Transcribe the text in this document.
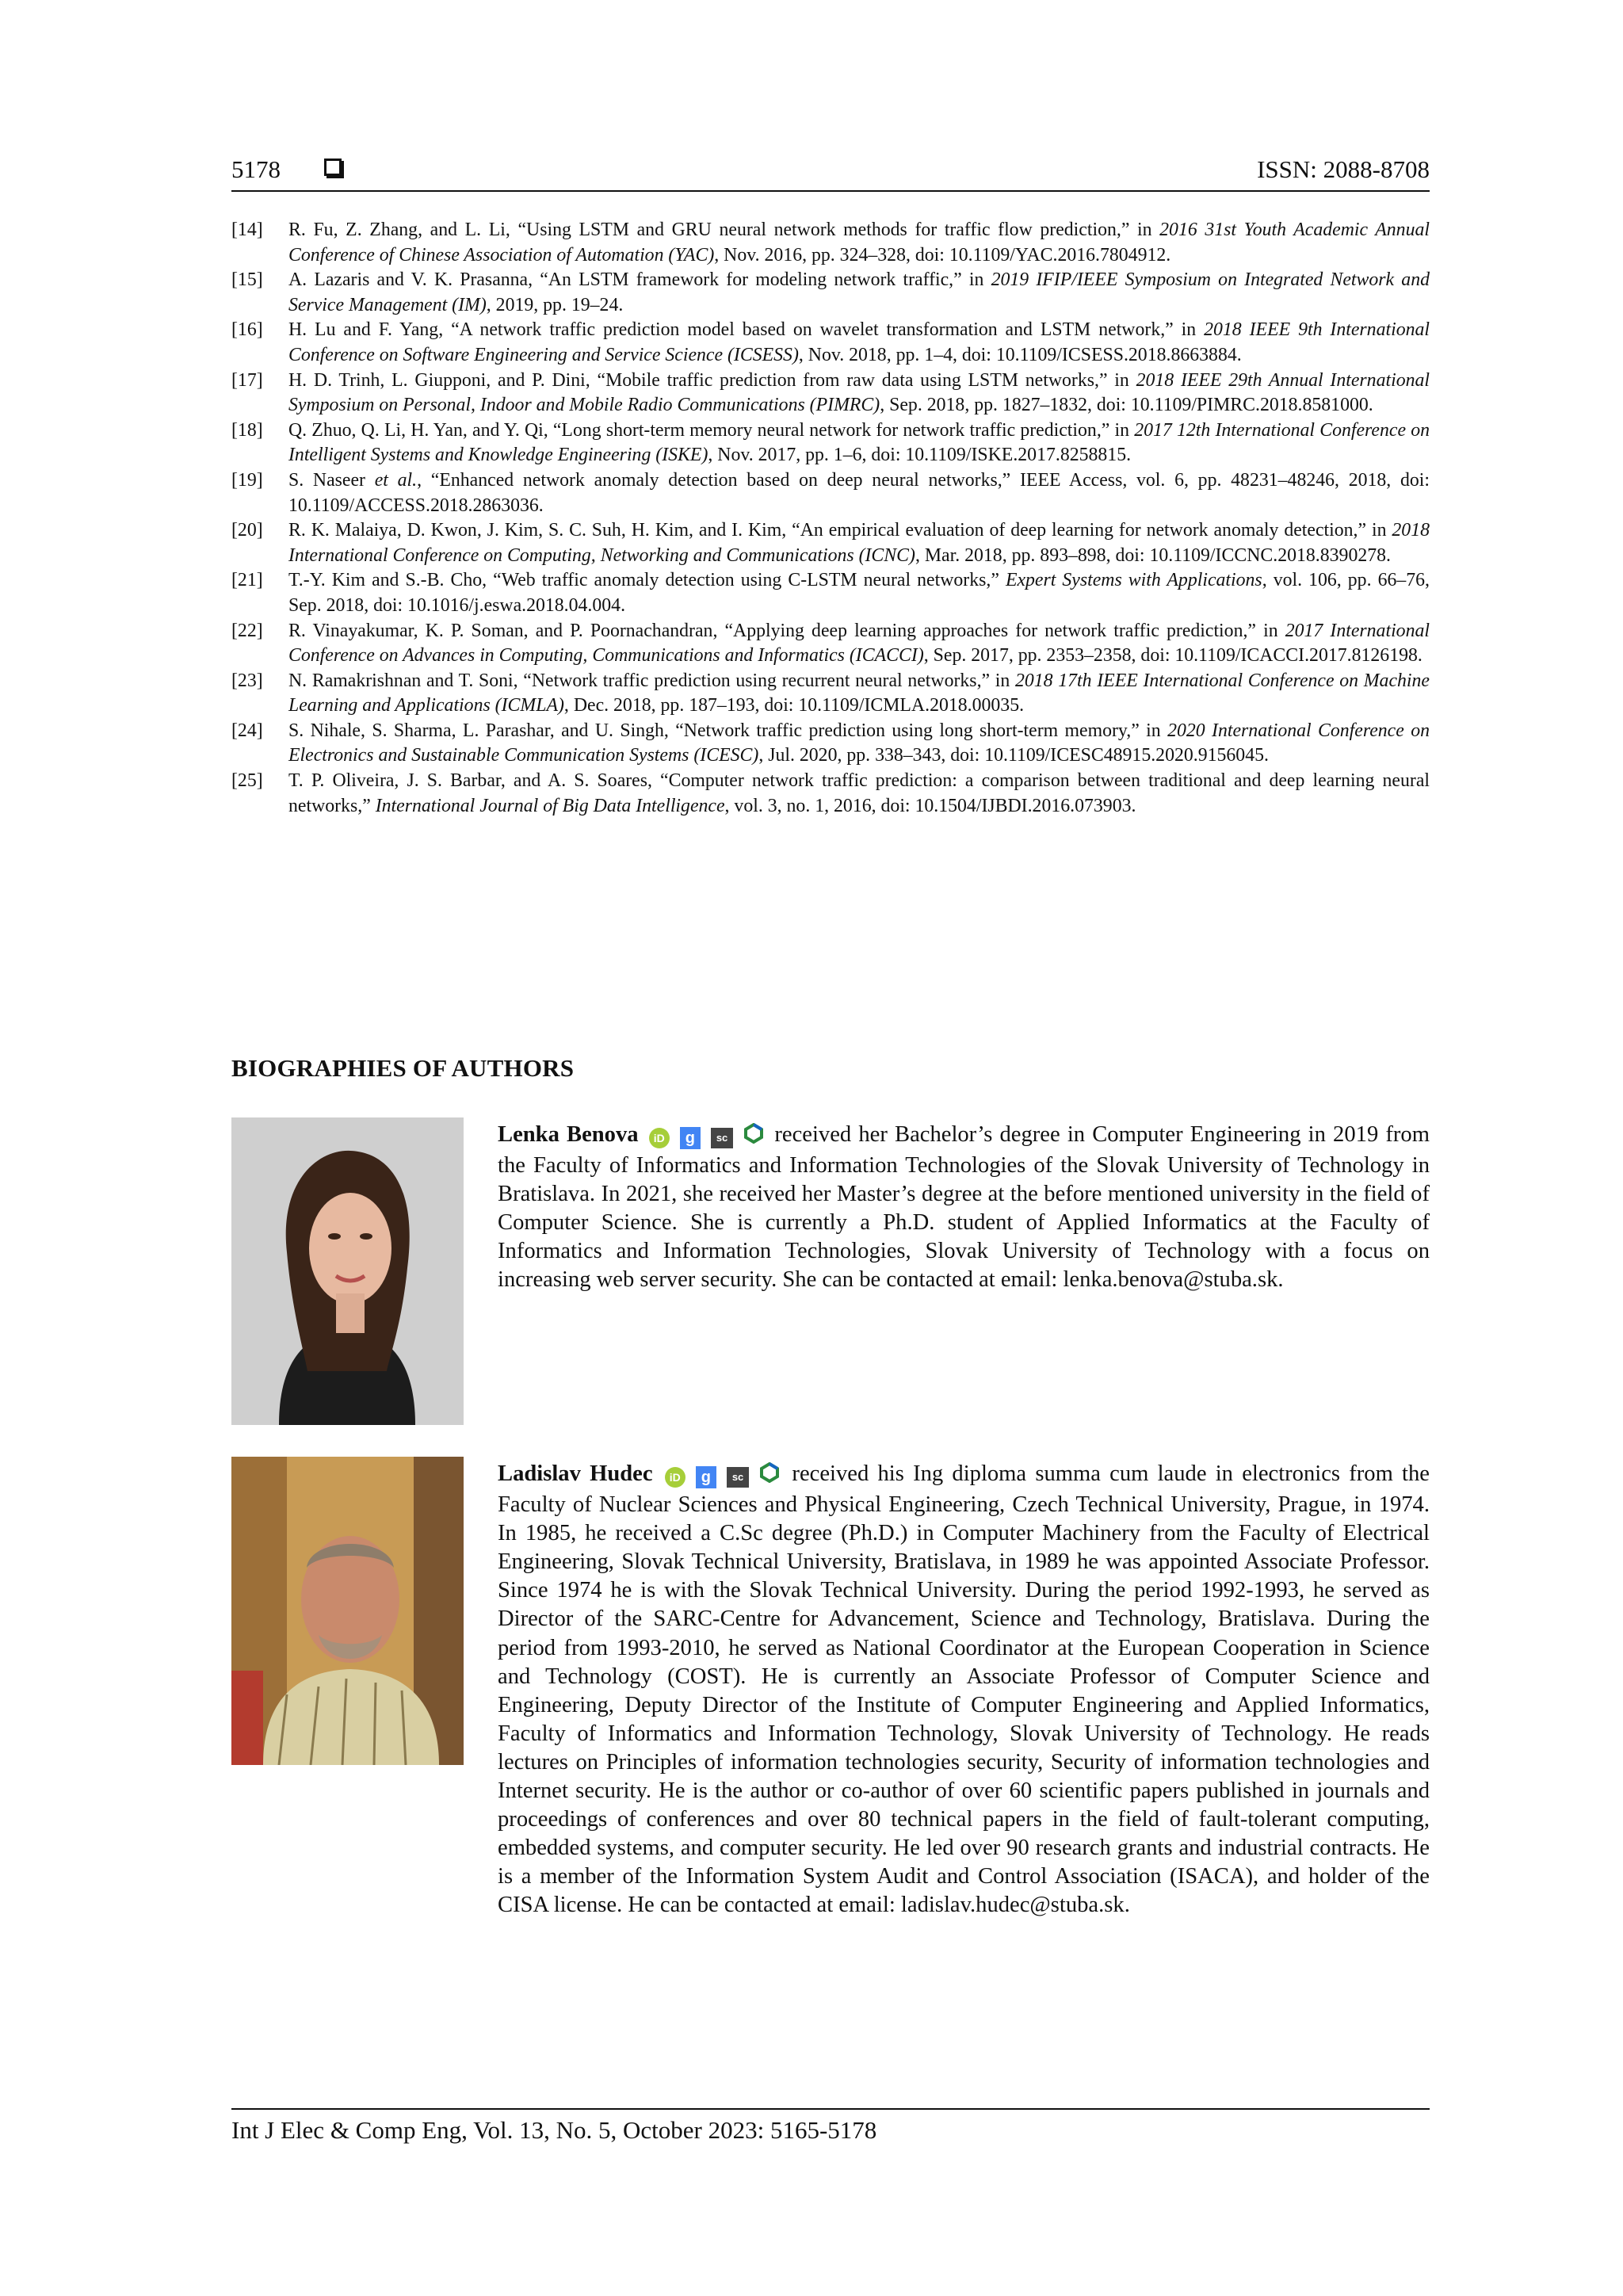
5178	ISSN: 2088-8708

[14] R. Fu, Z. Zhang, and L. Li, “Using LSTM and GRU neural network methods for traffic flow prediction,” in 2016 31st Youth Academic Annual Conference of Chinese Association of Automation (YAC), Nov. 2016, pp. 324–328, doi: 10.1109/YAC.2016.7804912.

[15] A. Lazaris and V. K. Prasanna, “An LSTM framework for modeling network traffic,” in 2019 IFIP/IEEE Symposium on Integrated Network and Service Management (IM), 2019, pp. 19–24.

[16] H. Lu and F. Yang, “A network traffic prediction model based on wavelet transformation and LSTM network,” in 2018 IEEE 9th International Conference on Software Engineering and Service Science (ICSESS), Nov. 2018, pp. 1–4, doi: 10.1109/ICSESS.2018.8663884.

[17] H. D. Trinh, L. Giupponi, and P. Dini, “Mobile traffic prediction from raw data using LSTM networks,” in 2018 IEEE 29th Annual International Symposium on Personal, Indoor and Mobile Radio Communications (PIMRC), Sep. 2018, pp. 1827–1832, doi: 10.1109/PIMRC.2018.8581000.

[18] Q. Zhuo, Q. Li, H. Yan, and Y. Qi, “Long short-term memory neural network for network traffic prediction,” in 2017 12th International Conference on Intelligent Systems and Knowledge Engineering (ISKE), Nov. 2017, pp. 1–6, doi: 10.1109/ISKE.2017.8258815.

[19] S. Naseer et al., “Enhanced network anomaly detection based on deep neural networks,” IEEE Access, vol. 6, pp. 48231–48246, 2018, doi: 10.1109/ACCESS.2018.2863036.

[20] R. K. Malaiya, D. Kwon, J. Kim, S. C. Suh, H. Kim, and I. Kim, “An empirical evaluation of deep learning for network anomaly detection,” in 2018 International Conference on Computing, Networking and Communications (ICNC), Mar. 2018, pp. 893–898, doi: 10.1109/ICCNC.2018.8390278.

[21] T.-Y. Kim and S.-B. Cho, “Web traffic anomaly detection using C-LSTM neural networks,” Expert Systems with Applications, vol. 106, pp. 66–76, Sep. 2018, doi: 10.1016/j.eswa.2018.04.004.

[22] R. Vinayakumar, K. P. Soman, and P. Poornachandran, “Applying deep learning approaches for network traffic prediction,” in 2017 International Conference on Advances in Computing, Communications and Informatics (ICACCI), Sep. 2017, pp. 2353–2358, doi: 10.1109/ICACCI.2017.8126198.

[23] N. Ramakrishnan and T. Soni, “Network traffic prediction using recurrent neural networks,” in 2018 17th IEEE International Conference on Machine Learning and Applications (ICMLA), Dec. 2018, pp. 187–193, doi: 10.1109/ICMLA.2018.00035.

[24] S. Nihale, S. Sharma, L. Parashar, and U. Singh, “Network traffic prediction using long short-term memory,” in 2020 International Conference on Electronics and Sustainable Communication Systems (ICESC), Jul. 2020, pp. 338–343, doi: 10.1109/ICESC48915.2020.9156045.

[25] T. P. Oliveira, J. S. Barbar, and A. S. Soares, “Computer network traffic prediction: a comparison between traditional and deep learning neural networks,” International Journal of Big Data Intelligence, vol. 3, no. 1, 2016, doi: 10.1504/IJBDI.2016.073903.

BIOGRAPHIES OF AUTHORS

Lenka Benova iD g sc  received her Bachelor’s degree in Computer Engineering in 2019 from the Faculty of Informatics and Information Technologies of the Slovak University of Technology in Bratislava. In 2021, she received her Master’s degree at the before mentioned university in the field of Computer Science. She is currently a Ph.D. student of Applied Informatics at the Faculty of Informatics and Information Technologies, Slovak University of Technology with a focus on increasing web server security. She can be contacted at email: lenka.benova@stuba.sk.

Ladislav Hudec iD g sc  received his Ing diploma summa cum laude in electronics from the Faculty of Nuclear Sciences and Physical Engineering, Czech Technical University, Prague, in 1974. In 1985, he received a C.Sc degree (Ph.D.) in Computer Machinery from the Faculty of Electrical Engineering, Slovak Technical University, Bratislava, in 1989 he was appointed Associate Professor. Since 1974 he is with the Slovak Technical University. During the period 1992-1993, he served as Director of the SARC-Centre for Advancement, Science and Technology, Bratislava. During the period from 1993-2010, he served as National Coordinator at the European Cooperation in Science and Technology (COST). He is currently an Associate Professor of Computer Science and Engineering, Deputy Director of the Institute of Computer Engineering and Applied Informatics, Faculty of Informatics and Information Technology, Slovak University of Technology. He reads lectures on Principles of information technologies security, Security of information technologies and Internet security. He is the author or co-author of over 60 scientific papers published in journals and proceedings of conferences and over 80 technical papers in the field of fault-tolerant computing, embedded systems, and computer security. He led over 90 research grants and industrial contracts. He is a member of the Information System Audit and Control Association (ISACA), and holder of the CISA license. He can be contacted at email: ladislav.hudec@stuba.sk.

Int J Elec & Comp Eng, Vol. 13, No. 5, October 2023: 5165-5178
